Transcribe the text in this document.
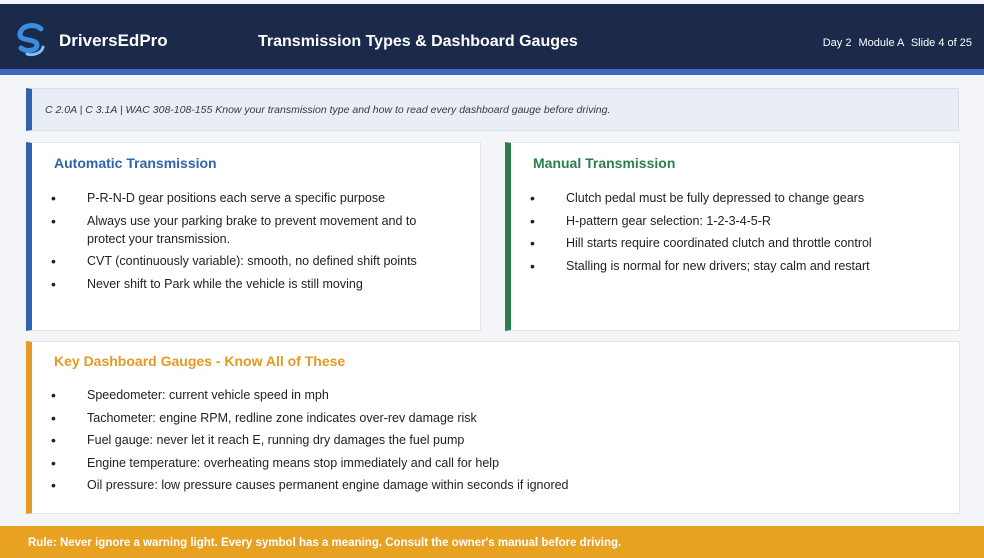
DriversEdPro	Transmission Types & Dashboard Gauges	Day 2 Module A Slide 4 of 25
C 2.0A | C 3.1A | WAC 308-108-155 Know your transmission type and how to read every dashboard gauge before driving.
Automatic Transmission
• P-R-N-D gear positions each serve a specific purpose
• Always use your parking brake to prevent movement and to protect your transmission.
• CVT (continuously variable): smooth, no defined shift points
• Never shift to Park while the vehicle is still moving
Manual Transmission
• Clutch pedal must be fully depressed to change gears
• H-pattern gear selection: 1-2-3-4-5-R
• Hill starts require coordinated clutch and throttle control
• Stalling is normal for new drivers; stay calm and restart
Key Dashboard Gauges - Know All of These
• Speedometer: current vehicle speed in mph
• Tachometer: engine RPM, redline zone indicates over-rev damage risk
• Fuel gauge: never let it reach E, running dry damages the fuel pump
• Engine temperature: overheating means stop immediately and call for help
• Oil pressure: low pressure causes permanent engine damage within seconds if ignored
Rule: Never ignore a warning light. Every symbol has a meaning. Consult the owner's manual before driving.
